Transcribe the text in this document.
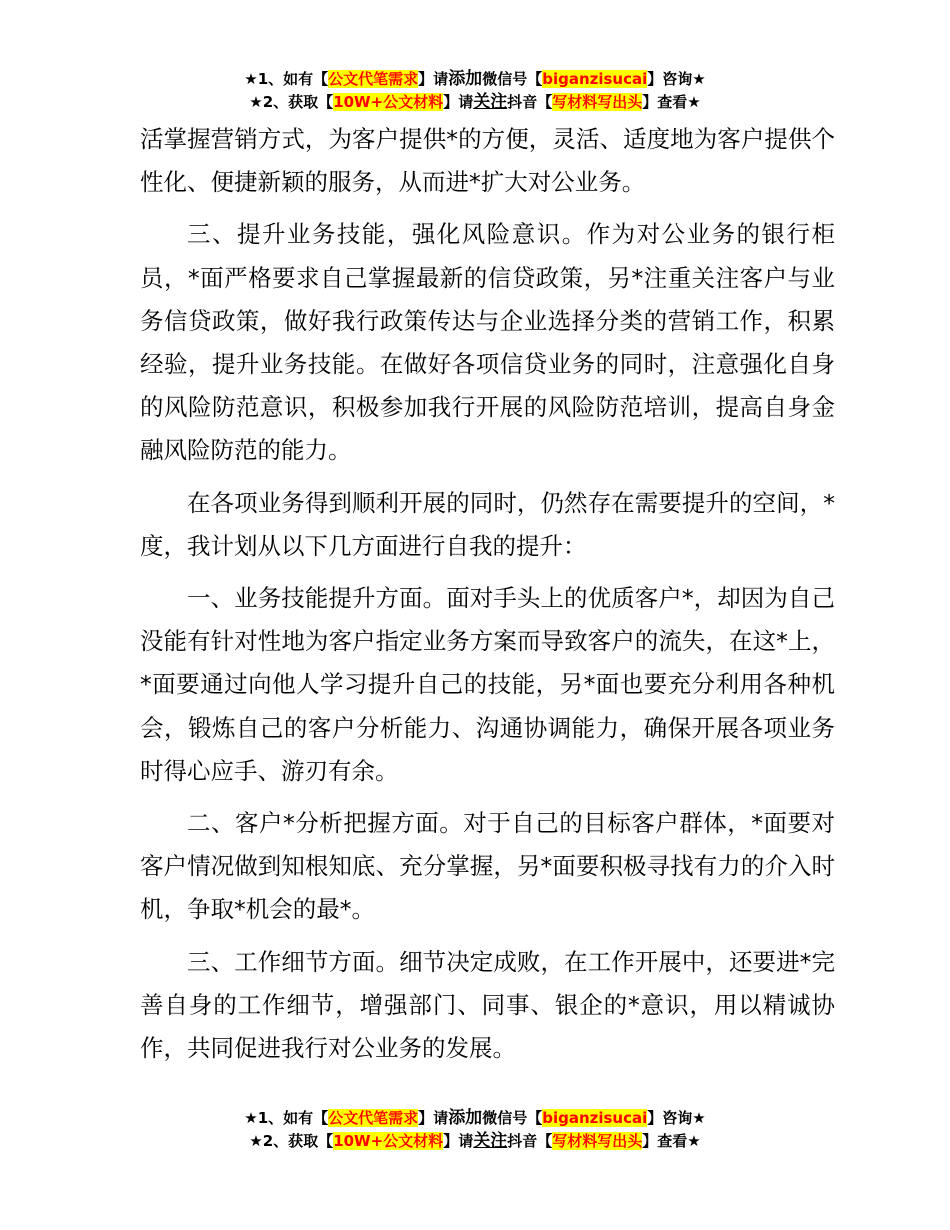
★1、如有【公文代笔需求】请添加微信号【biganzisucai】咨询★
★2、获取【10W+公文材料】请关注抖音【写材料写出头】查看★

活掌握营销方式，为客户提供*的方便，灵活、适度地为客户提供个性化、便捷新颖的服务，从而进*扩大对公业务。

三、提升业务技能，强化风险意识。作为对公业务的银行柜员，*面严格要求自己掌握最新的信贷政策，另*注重关注客户与业务信贷政策，做好我行政策传达与企业选择分类的营销工作，积累经验，提升业务技能。在做好各项信贷业务的同时，注意强化自身的风险防范意识，积极参加我行开展的风险防范培训，提高自身金融风险防范的能力。

在各项业务得到顺利开展的同时，仍然存在需要提升的空间，*度，我计划从以下几方面进行自我的提升：

一、业务技能提升方面。面对手头上的优质客户*，却因为自己没能有针对性地为客户指定业务方案而导致客户的流失，在这*上，*面要通过向他人学习提升自己的技能，另*面也要充分利用各种机会，锻炼自己的客户分析能力、沟通协调能力，确保开展各项业务时得心应手、游刃有余。

二、客户*分析把握方面。对于自己的目标客户群体，*面要对客户情况做到知根知底、充分掌握，另*面要积极寻找有力的介入时机，争取*机会的最*。

三、工作细节方面。细节决定成败，在工作开展中，还要进*完善自身的工作细节，增强部门、同事、银企的*意识，用以精诚协作，共同促进我行对公业务的发展。

★1、如有【公文代笔需求】请添加微信号【biganzisucai】咨询★
★2、获取【10W+公文材料】请关注抖音【写材料写出头】查看★
